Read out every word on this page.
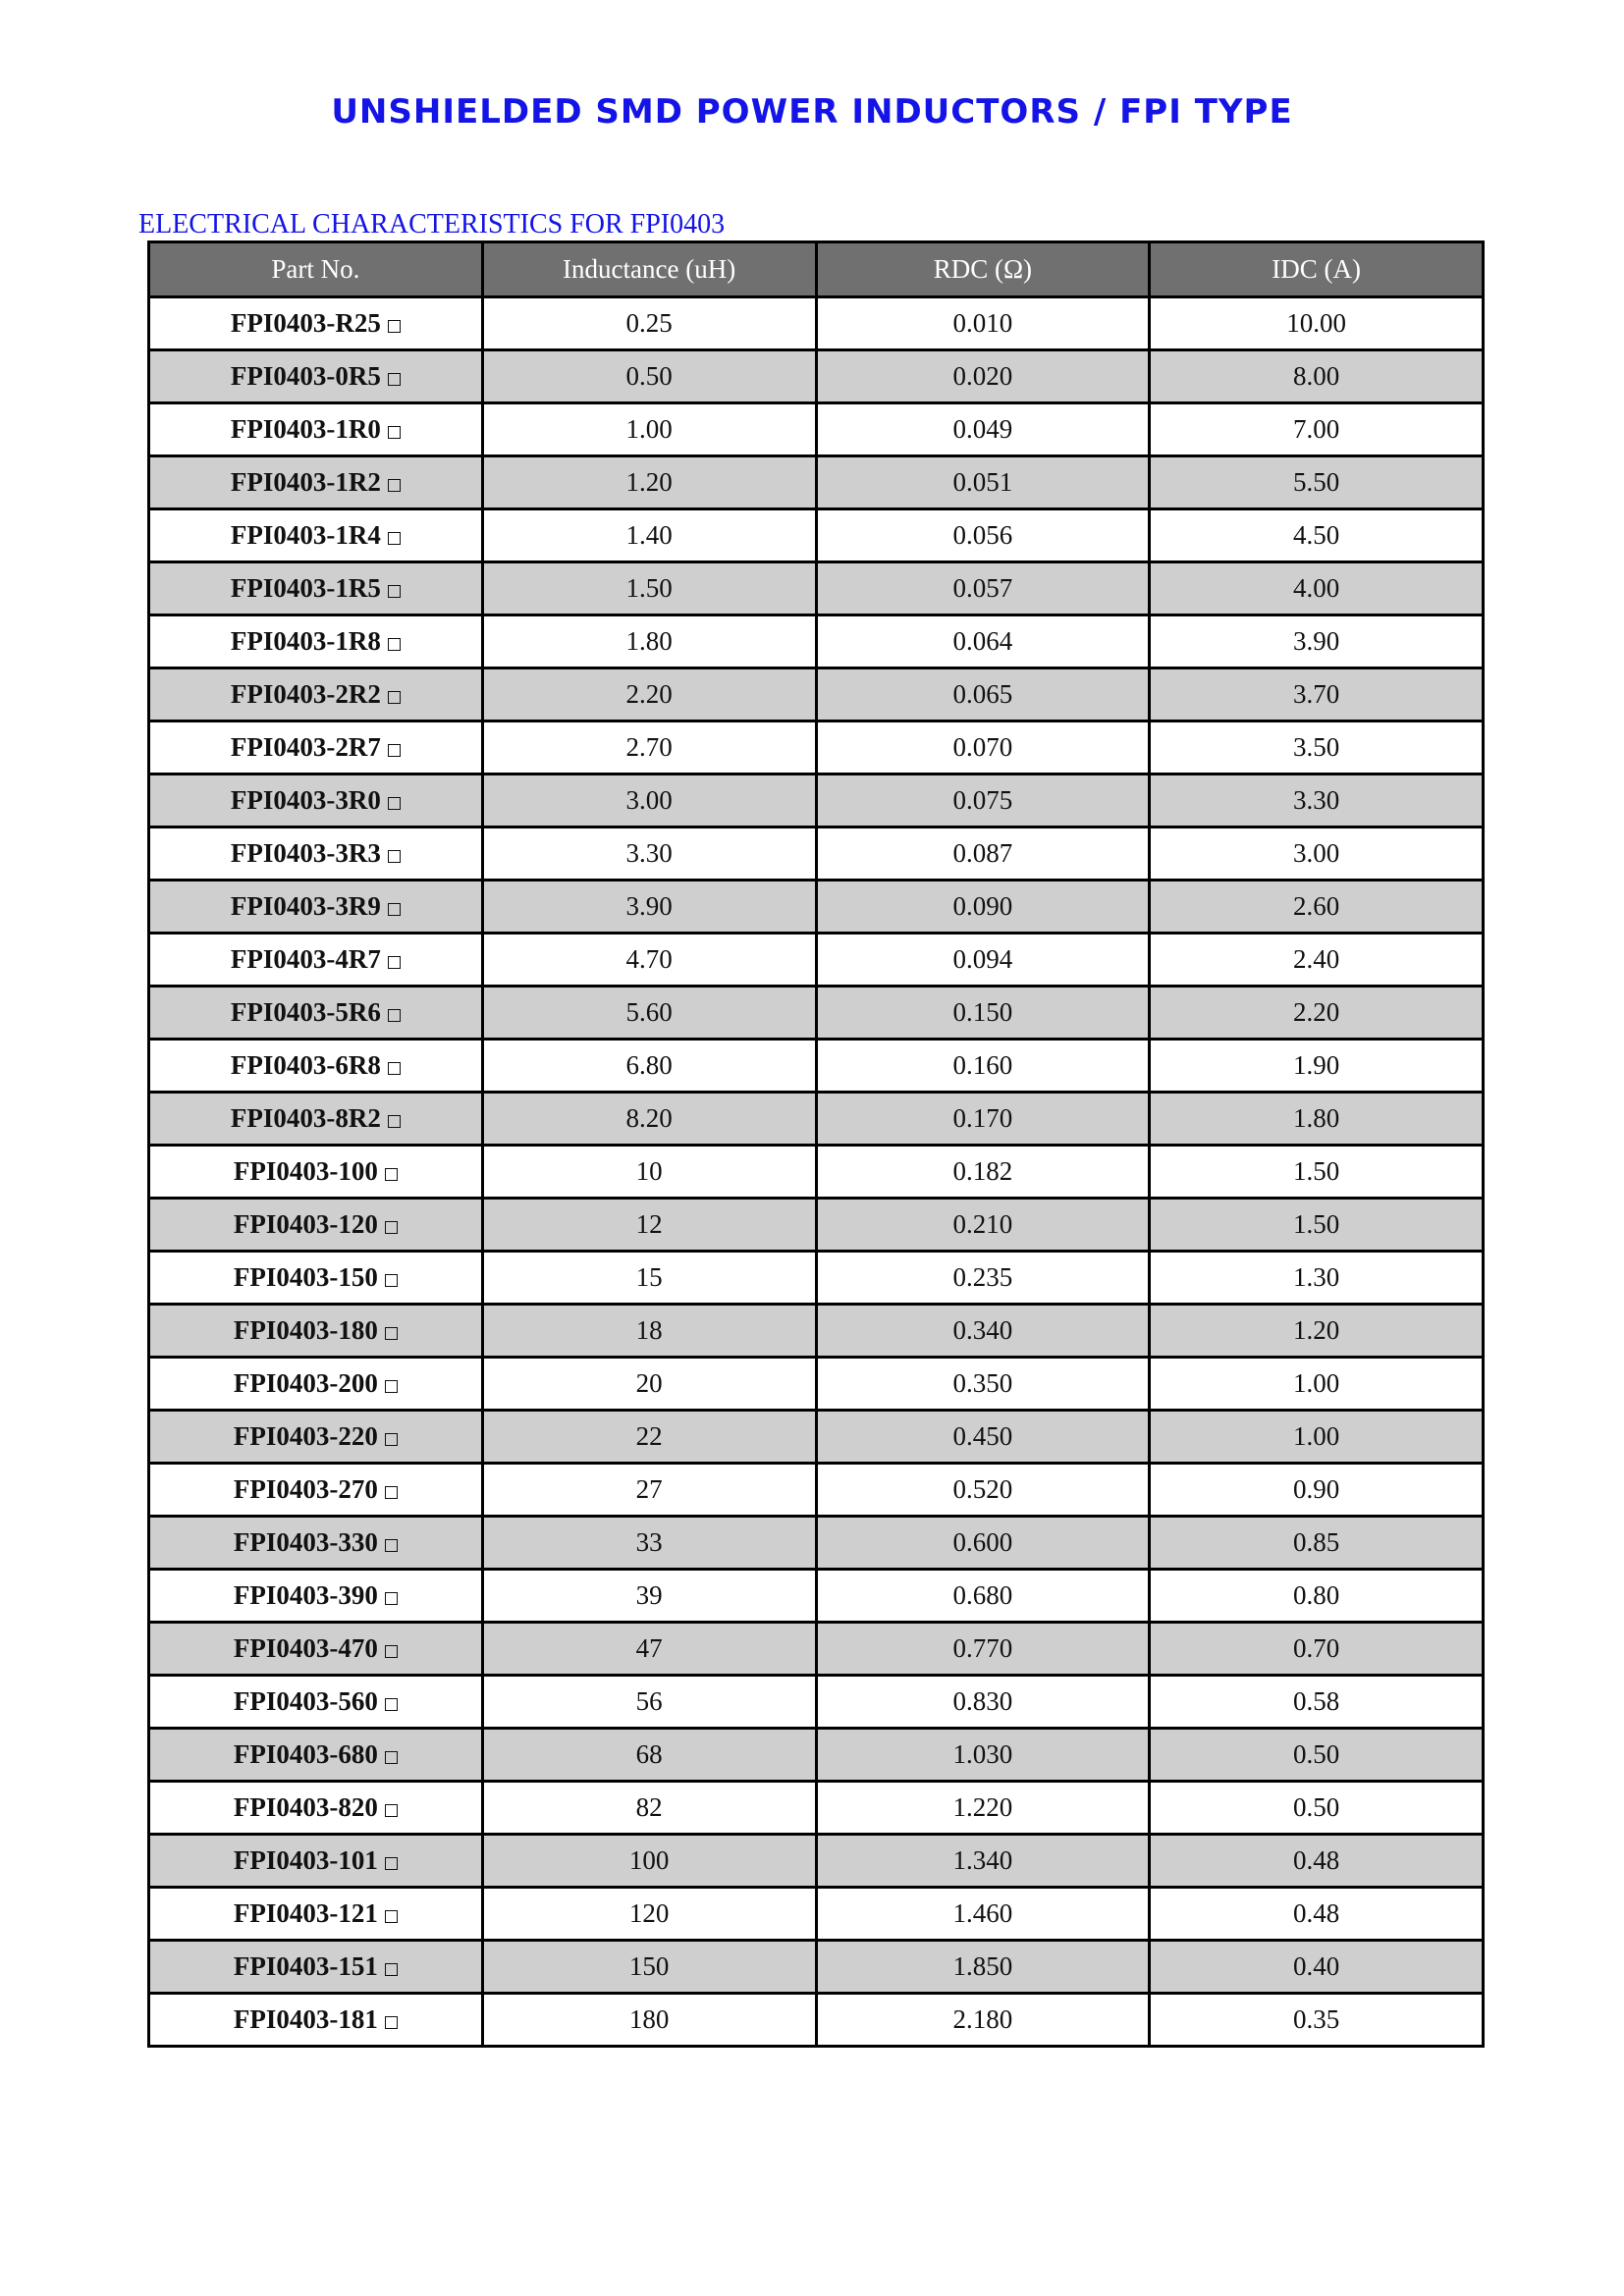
UNSHIELDED SMD POWER INDUCTORS / FPI TYPE
ELECTRICAL CHARACTERISTICS FOR FPI0403
Part No.	Inductance (uH)	RDC (Ω)	IDC (A)
FPI0403-R25	0.25	0.010	10.00
FPI0403-0R5	0.50	0.020	8.00
FPI0403-1R0	1.00	0.049	7.00
FPI0403-1R2	1.20	0.051	5.50
FPI0403-1R4	1.40	0.056	4.50
FPI0403-1R5	1.50	0.057	4.00
FPI0403-1R8	1.80	0.064	3.90
FPI0403-2R2	2.20	0.065	3.70
FPI0403-2R7	2.70	0.070	3.50
FPI0403-3R0	3.00	0.075	3.30
FPI0403-3R3	3.30	0.087	3.00
FPI0403-3R9	3.90	0.090	2.60
FPI0403-4R7	4.70	0.094	2.40
FPI0403-5R6	5.60	0.150	2.20
FPI0403-6R8	6.80	0.160	1.90
FPI0403-8R2	8.20	0.170	1.80
FPI0403-100	10	0.182	1.50
FPI0403-120	12	0.210	1.50
FPI0403-150	15	0.235	1.30
FPI0403-180	18	0.340	1.20
FPI0403-200	20	0.350	1.00
FPI0403-220	22	0.450	1.00
FPI0403-270	27	0.520	0.90
FPI0403-330	33	0.600	0.85
FPI0403-390	39	0.680	0.80
FPI0403-470	47	0.770	0.70
FPI0403-560	56	0.830	0.58
FPI0403-680	68	1.030	0.50
FPI0403-820	82	1.220	0.50
FPI0403-101	100	1.340	0.48
FPI0403-121	120	1.460	0.48
FPI0403-151	150	1.850	0.40
FPI0403-181	180	2.180	0.35
